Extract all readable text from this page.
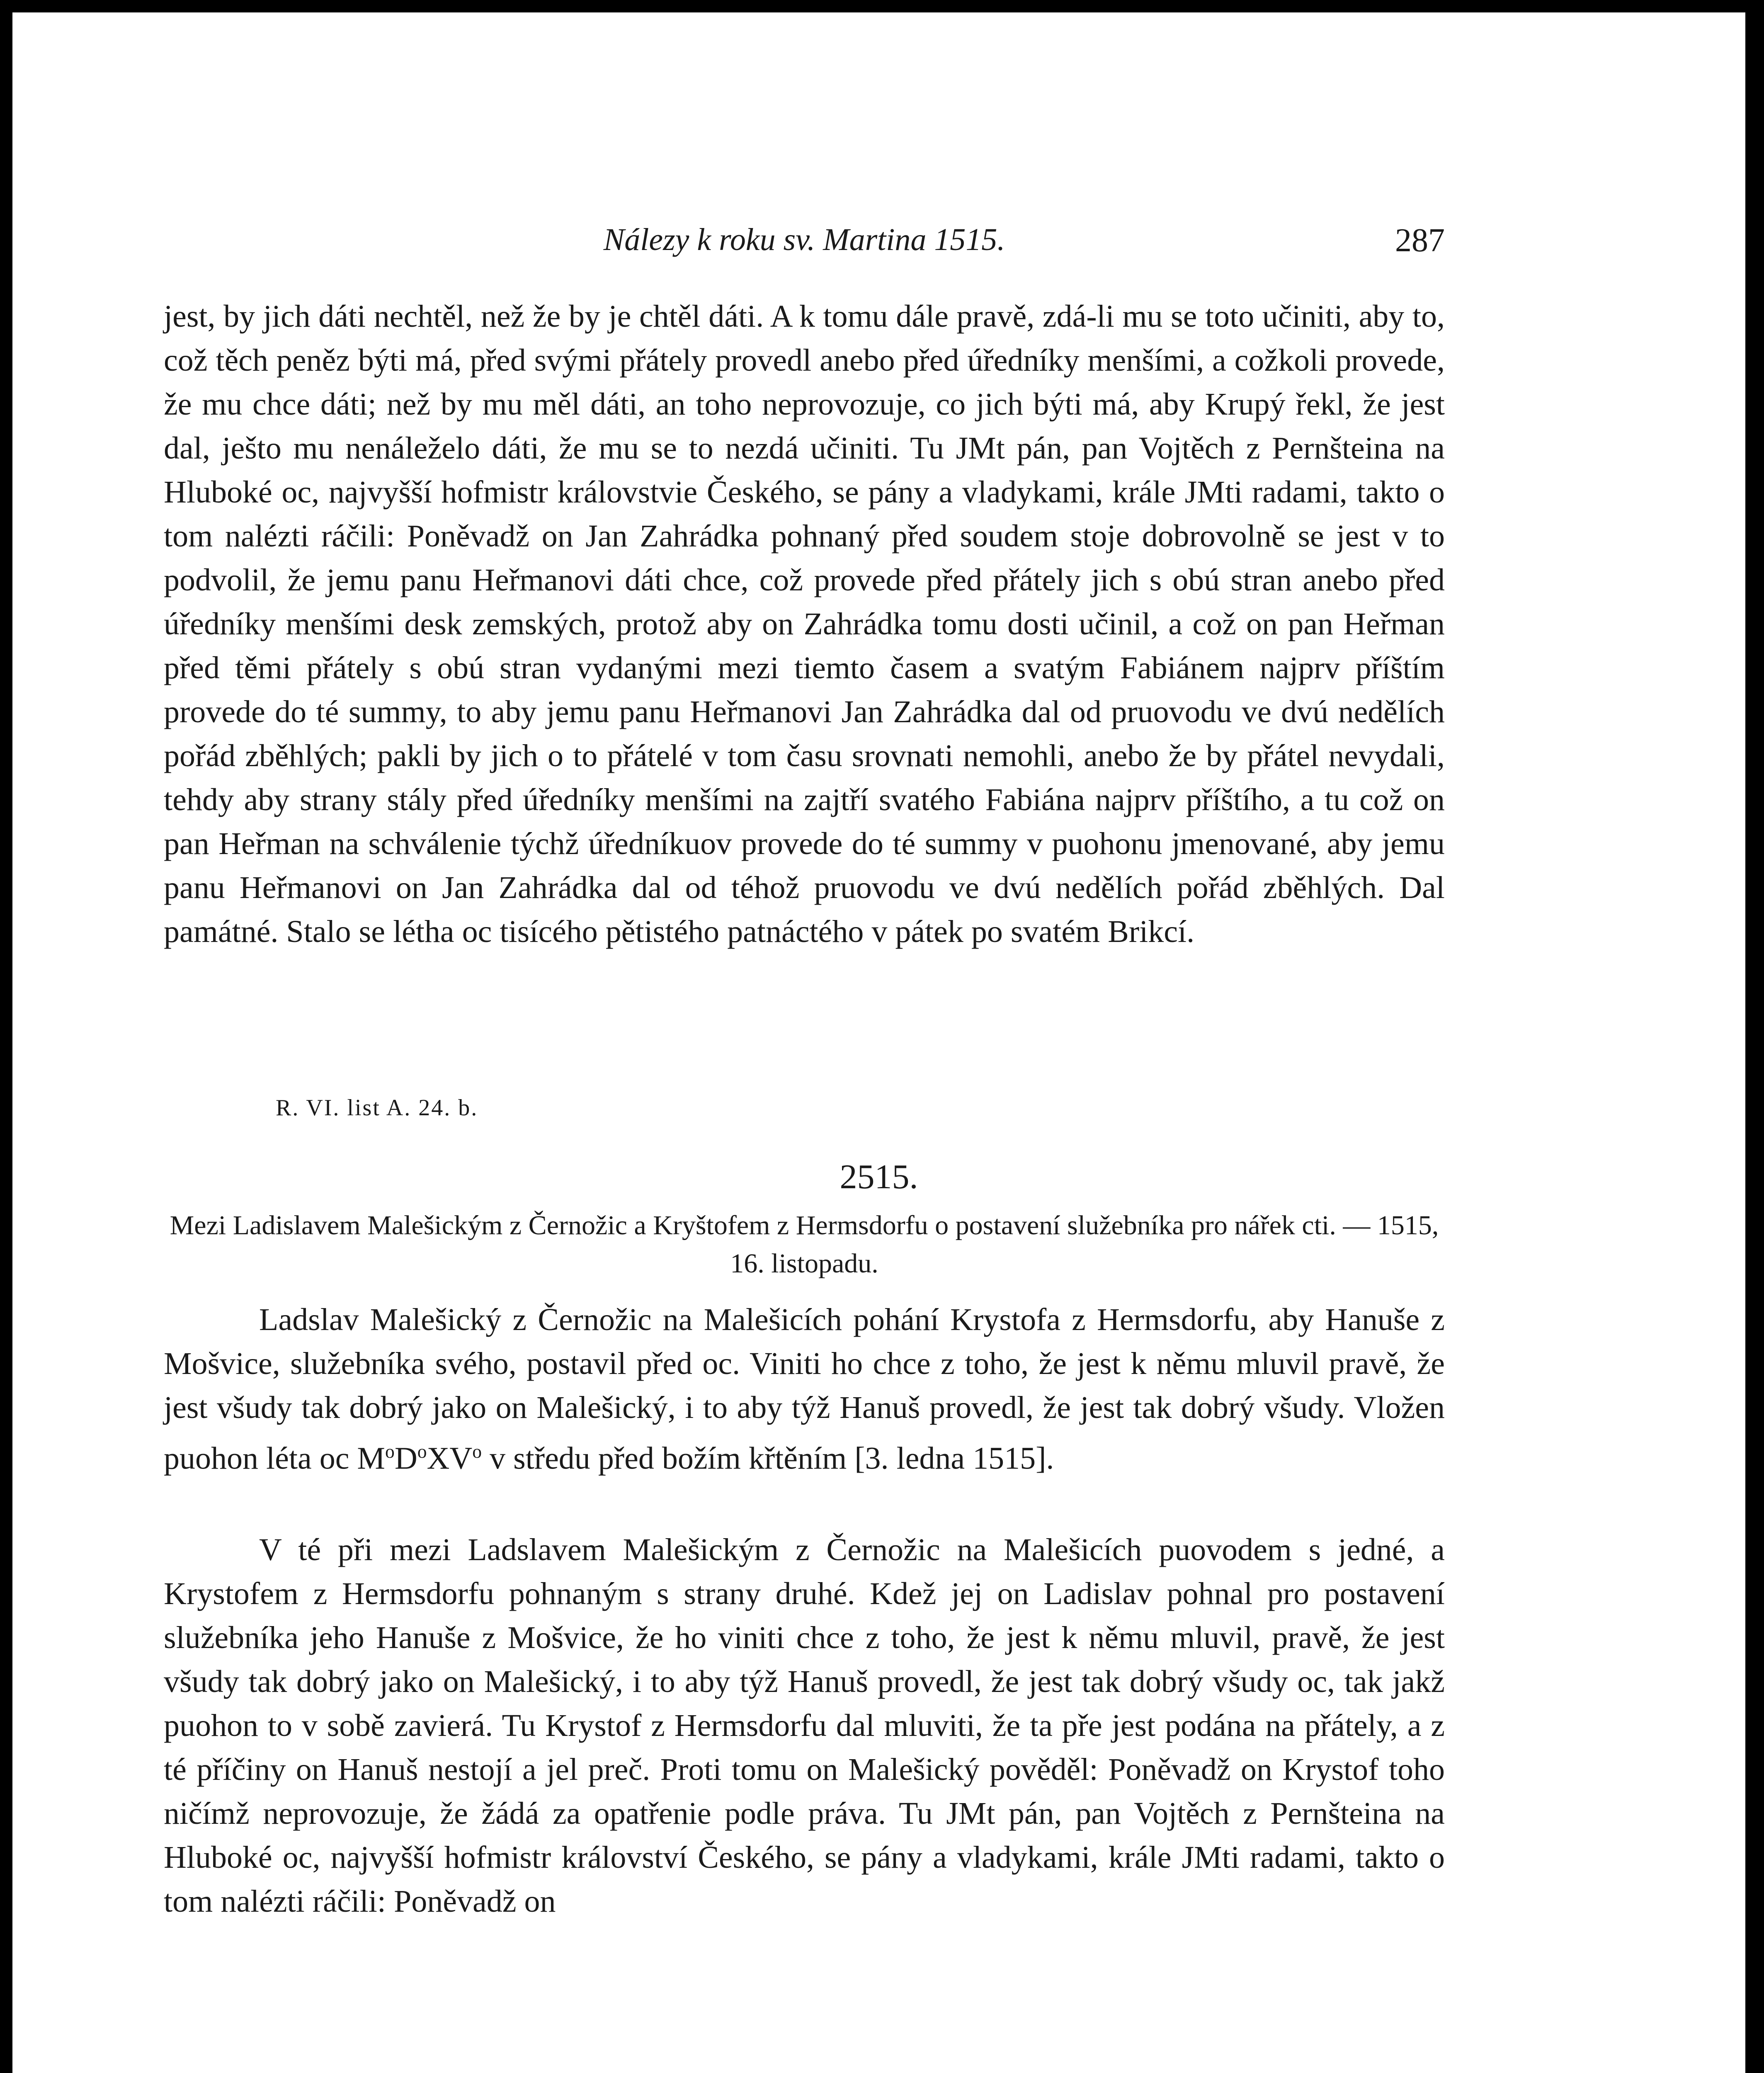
Nálezy k roku sv. Martina 1515.	287

jest, by jich dáti nechtěl, než že by je chtěl dáti. A k tomu dále pravě, zdá-li mu se toto učiniti, aby to, což těch peněz býti má, před svými přátely provedl anebo před úředníky menšími, a cožkoli provede, že mu chce dáti; než by mu měl dáti, an toho neprovozuje, co jich býti má, aby Krupý řekl, že jest dal, ješto mu nenáleželo dáti, že mu se to nezdá učiniti. Tu JMt pán, pan Vojtěch z Pernšteina na Hluboké oc, najvyšší hofmistr královstvie Českého, se pány a vladykami, krále JMti radami, takto o tom nalézti ráčili: Poněvadž on Jan Zahrádka pohnaný před soudem stoje dobrovolně se jest v to podvolil, že jemu panu Heřmanovi dáti chce, což provede před přátely jich s obú stran anebo před úředníky menšími desk zemských, protož aby on Zahrádka tomu dosti učinil, a což on pan Heřman před těmi přátely s obú stran vydanými mezi tiemto časem a svatým Fabiánem najprv příštím provede do té summy, to aby jemu panu Heřmanovi Jan Zahrádka dal od pruovodu ve dvú nedělích pořád zběhlých; pakli by jich o to přátelé v tom času srovnati nemohli, anebo že by přátel nevydali, tehdy aby strany stály před úředníky menšími na zajtří svatého Fabiána najprv příštího, a tu což on pan Heřman na schválenie týchž úředníkuov provede do té summy v puohonu jmenované, aby jemu panu Heřmanovi on Jan Zahrádka dal od téhož pruovodu ve dvú nedělích pořád zběhlých. Dal památné. Stalo se létha oc tisícého pětistého patnáctého v pátek po svatém Brikcí.

R. VI. list A. 24. b.
2515.
Mezi Ladislavem Malešickým z Černožic a Kryštofem z Hermsdorfu o postavení služebníka pro nářek cti. — 1515, 16. listopadu.

Ladslav Malešický z Černožic na Malešicích pohání Krystofa z Hermsdorfu, aby Hanuše z Mošvice, služebníka svého, postavil před oc. Viniti ho chce z toho, že jest k němu mluvil pravě, že jest všudy tak dobrý jako on Malešický, i to aby týž Hanuš provedl, že jest tak dobrý všudy. Vložen puohon léta oc $M^oD^oXV^o$ v středu před božím křtěním [3. ledna 1515].

V té při mezi Ladslavem Malešickým z Černožic na Malešicích puovodem s jedné, a Krystofem z Hermsdorfu pohnaným s strany druhé. Kdež jej on Ladislav pohnal pro postavení služebníka jeho Hanuše z Mošvice, že ho viniti chce z toho, že jest k němu mluvil, pravě, že jest všudy tak dobrý jako on Malešický, i to aby týž Hanuš provedl, že jest tak dobrý všudy oc, tak jakž puohon to v sobě zavierá. Tu Krystof z Hermsdorfu dal mluviti, že ta pře jest podána na přátely, a z té příčiny on Hanuš nestojí a jel preč. Proti tomu on Malešický pověděl: Poněvadž on Krystof toho ničímž neprovozuje, že žádá za opatřenie podle práva. Tu JMt pán, pan Vojtěch z Pernšteina na Hluboké oc, najvyšší hofmistr království Českého, se pány a vladykami, krále JMti radami, takto o tom nalézti ráčili: Poněvadž on
